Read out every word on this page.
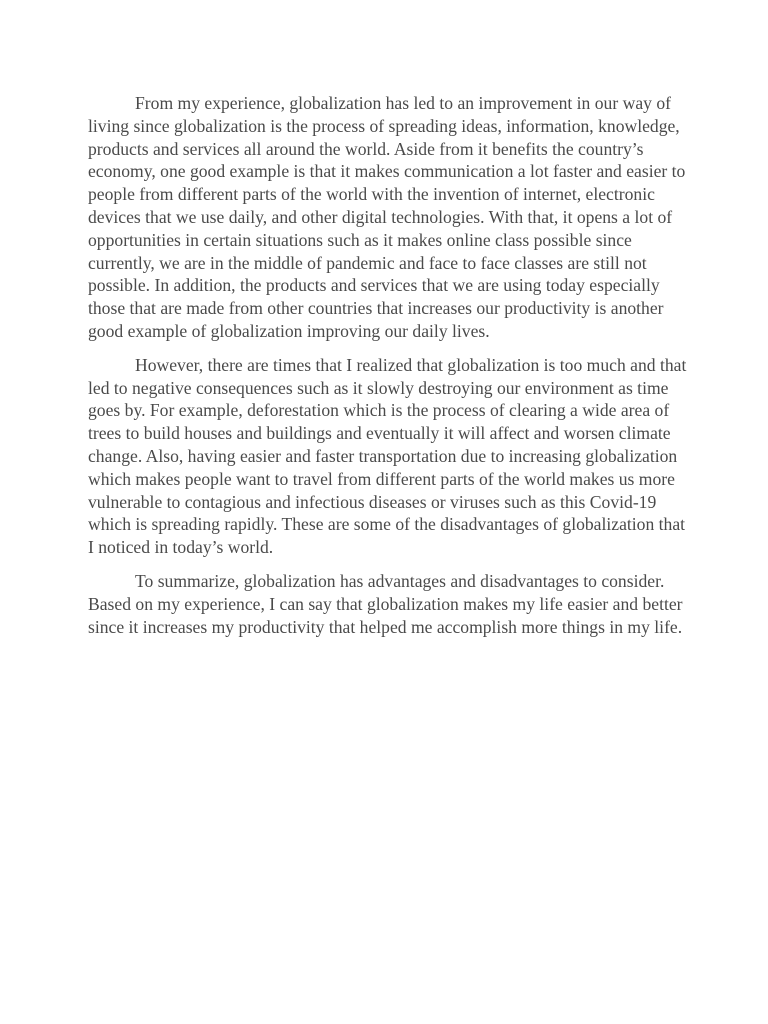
From my experience, globalization has led to an improvement in our way of living since globalization is the process of spreading ideas, information, knowledge, products and services all around the world. Aside from it benefits the country’s economy, one good example is that it makes communication a lot faster and easier to people from different parts of the world with the invention of internet, electronic devices that we use daily, and other digital technologies. With that, it opens a lot of opportunities in certain situations such as it makes online class possible since currently, we are in the middle of pandemic and face to face classes are still not possible. In addition, the products and services that we are using today especially those that are made from other countries that increases our productivity is another good example of globalization improving our daily lives.

However, there are times that I realized that globalization is too much and that led to negative consequences such as it slowly destroying our environment as time goes by. For example, deforestation which is the process of clearing a wide area of trees to build houses and buildings and eventually it will affect and worsen climate change. Also, having easier and faster transportation due to increasing globalization which makes people want to travel from different parts of the world makes us more vulnerable to contagious and infectious diseases or viruses such as this Covid-19 which is spreading rapidly. These are some of the disadvantages of globalization that I noticed in today’s world.

To summarize, globalization has advantages and disadvantages to consider. Based on my experience, I can say that globalization makes my life easier and better since it increases my productivity that helped me accomplish more things in my life.
